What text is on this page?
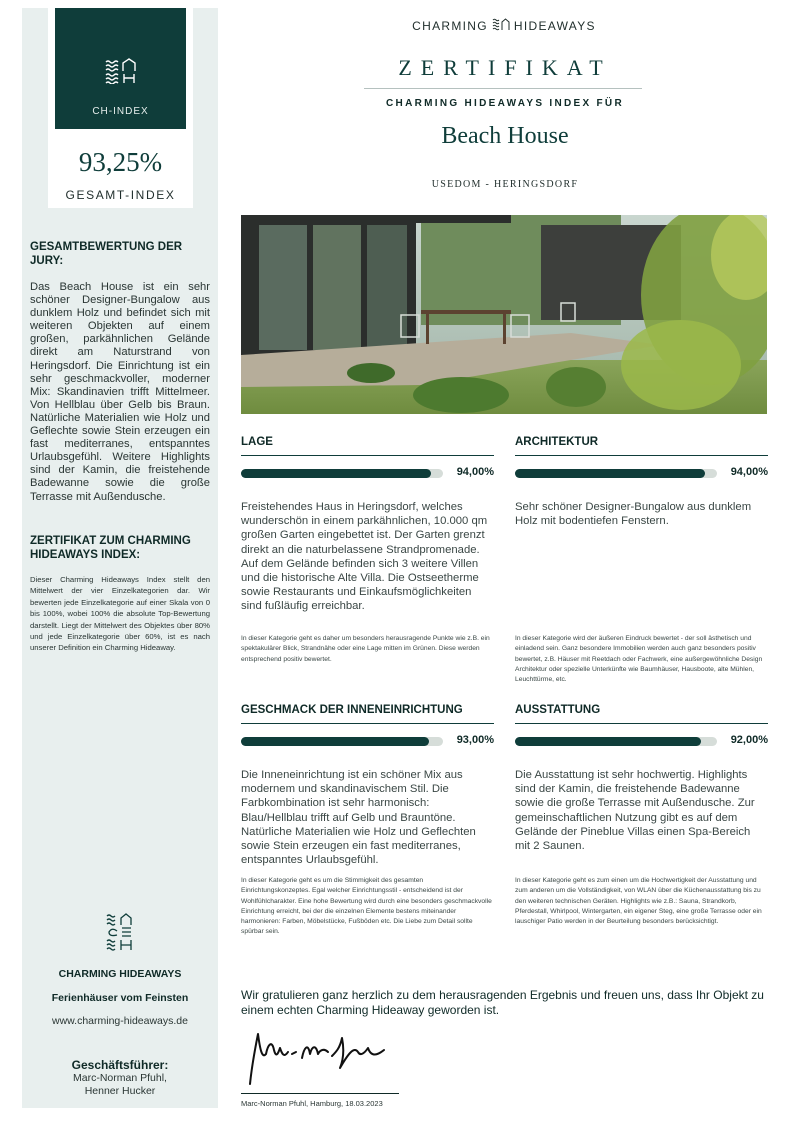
CH-INDEX
93,25%
GESAMT-INDEX
GESAMTBEWERTUNG DER JURY:
Das Beach House ist ein sehr schöner Designer-Bungalow aus dunklem Holz und befindet sich mit weiteren Objekten auf einem großen, parkähnlichen Gelände direkt am Naturstrand von Heringsdorf. Die Einrichtung ist ein sehr geschmackvoller, moderner Mix: Skandinavien trifft Mittelmeer. Von Hellblau über Gelb bis Braun. Natürliche Materialien wie Holz und Geflechte sowie Stein erzeugen ein fast mediterranes, entspanntes Urlaubsgefühl. Weitere Highlights sind der Kamin, die freistehende Badewanne sowie die große Terrasse mit Außendusche.
ZERTIFIKAT ZUM CHARMING HIDEAWAYS INDEX:
Dieser Charming Hideaways Index stellt den Mittelwert der vier Einzelkategorien dar. Wir bewerten jede Einzelkategorie auf einer Skala von 0 bis 100%, wobei 100% die absolute Top-Bewertung darstellt. Liegt der Mittelwert des Objektes über 80% und jede Einzelkategorie über 60%, ist es nach unserer Definition ein Charming Hideaway.
CHARMING HIDEAWAYS
Ferienhäuser vom Feinsten
www.charming-hideaways.de
Geschäftsführer:
Marc-Norman Pfuhl,
Henner Hucker
CHARMING HIDEAWAYS
ZERTIFIKAT
CHARMING HIDEAWAYS INDEX FÜR
Beach House
USEDOM - HERINGSDORF
LAGE
94,00%
Freistehendes Haus in Heringsdorf, welches wunderschön in einem parkähnlichen, 10.000 qm großen Garten eingebettet ist. Der Garten grenzt direkt an die naturbelassene Strandpromenade. Auf dem Gelände befinden sich 3 weitere Villen und die historische Alte Villa. Die Ostseetherme sowie Restaurants und Einkaufsmöglichkeiten sind fußläufig erreichbar.
In dieser Kategorie geht es daher um besonders herausragende Punkte wie z.B. ein spektakulärer Blick, Strandnähe oder eine Lage mitten im Grünen. Diese werden entsprechend positiv bewertet.
ARCHITEKTUR
94,00%
Sehr schöner Designer-Bungalow aus dunklem Holz mit bodentiefen Fenstern.
In dieser Kategorie wird der äußeren Eindruck bewertet - der soll ästhetisch und einladend sein. Ganz besondere Immobilien werden auch ganz besonders positiv bewertet, z.B. Häuser mit Reetdach oder Fachwerk, eine außergewöhnliche Design Architektur oder spezielle Unterkünfte wie Baumhäuser, Hausboote, alte Mühlen, Leuchttürme, etc.
GESCHMACK DER INNENEINRICHTUNG
93,00%
Die Inneneinrichtung ist ein schöner Mix aus modernem und skandinavischem Stil. Die Farbkombination ist sehr harmonisch: Blau/Hellblau trifft auf Gelb und Brauntöne. Natürliche Materialien wie Holz und Geflechten sowie Stein erzeugen ein fast mediterranes, entspanntes Urlaubsgefühl.
In dieser Kategorie geht es um die Stimmigkeit des gesamten Einrichtungskonzeptes. Egal welcher Einrichtungsstil - entscheidend ist der Wohlfühlcharakter. Eine hohe Bewertung wird durch eine besonders geschmackvolle Einrichtung erreicht, bei der die einzelnen Elemente bestens miteinander harmonieren: Farben, Möbelstücke, Fußböden etc. Die Liebe zum Detail sollte spürbar sein.
AUSSTATTUNG
92,00%
Die Ausstattung ist sehr hochwertig. Highlights sind der Kamin, die freistehende Badewanne sowie die große Terrasse mit Außendusche. Zur gemeinschaftlichen Nutzung gibt es auf dem Gelände der Pineblue Villas einen Spa-Bereich mit 2 Saunen.
In dieser Kategorie geht es zum einen um die Hochwertigkeit der Ausstattung und zum anderen um die Vollständigkeit, von WLAN über die Küchenausstattung bis zu den weiteren technischen Geräten. Highlights wie z.B.: Sauna, Strandkorb, Pferdestall, Whirlpool, Wintergarten, ein eigener Steg, eine große Terrasse oder ein lauschiger Patio werden in der Beurteilung besonders berücksichtigt.
Wir gratulieren ganz herzlich zu dem herausragenden Ergebnis und freuen uns, dass Ihr Objekt zu einem echten Charming Hideaway geworden ist.
Marc-Norman Pfuhl, Hamburg, 18.03.2023
